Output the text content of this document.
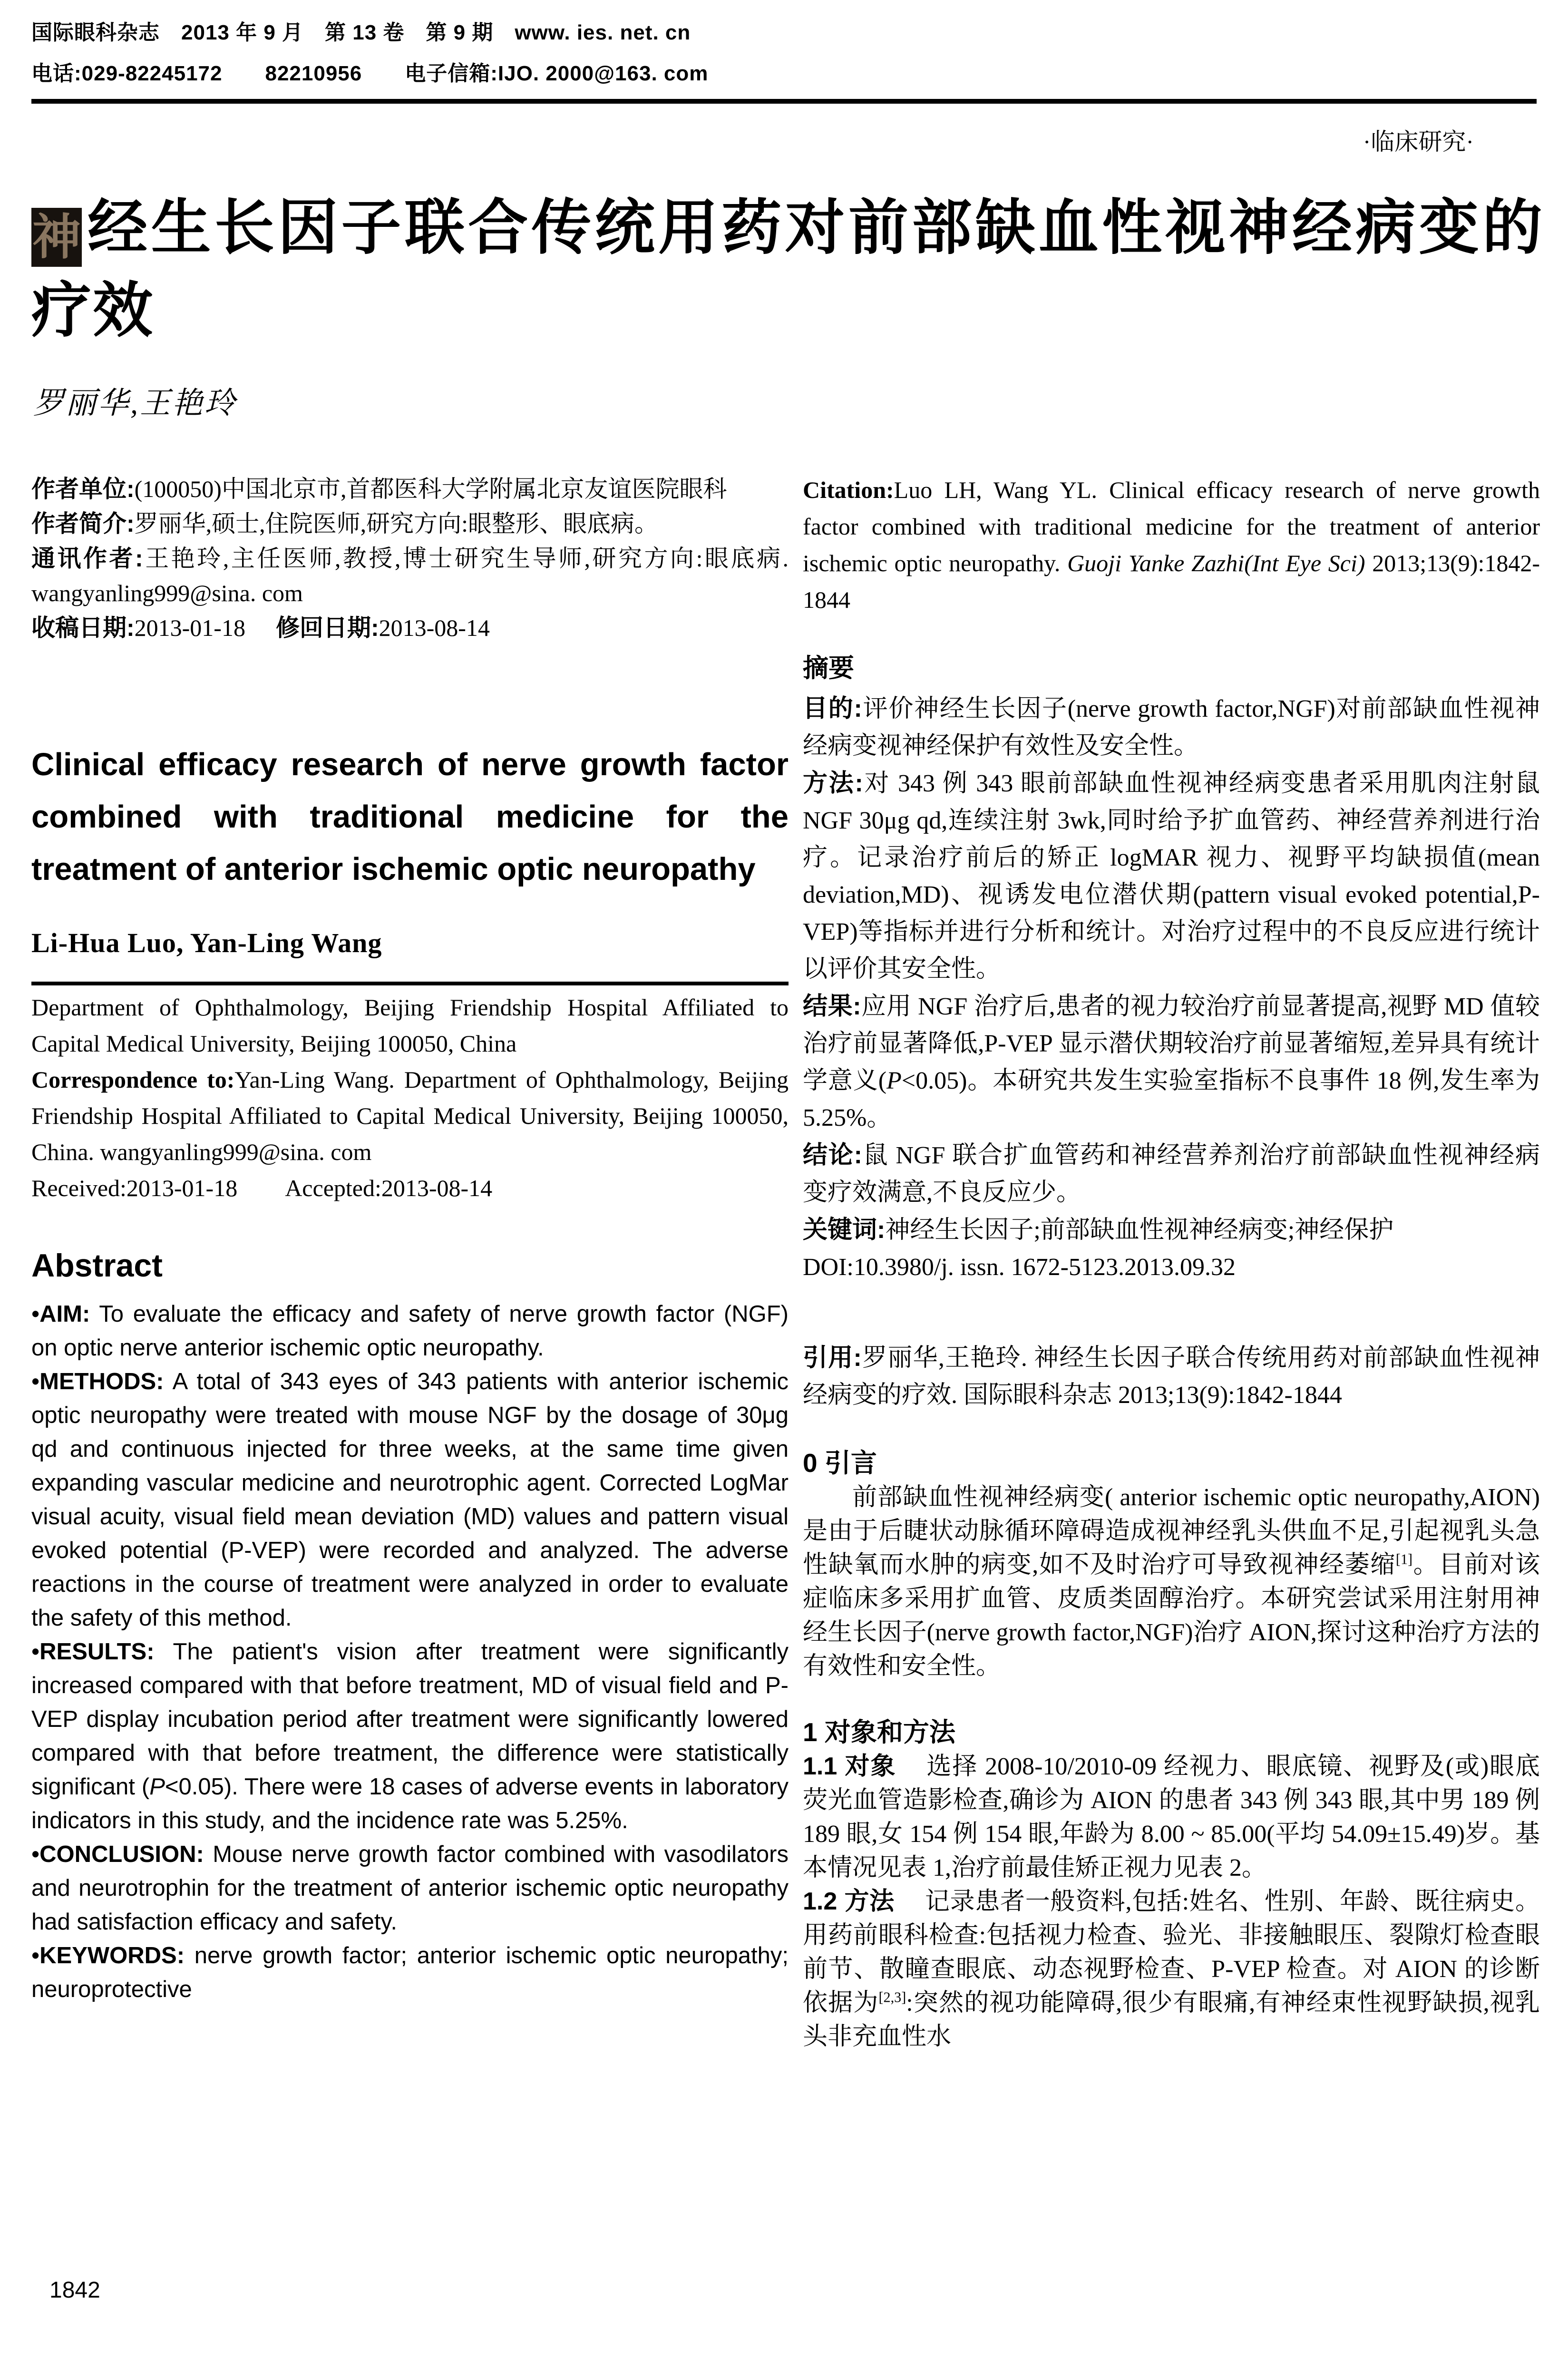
国际眼科杂志　2013 年 9 月　第 13 卷　第 9 期　www. ies. net. cn

电话:029-82245172　　82210956　　电子信箱:IJO. 2000@163. com

·临床研究·
神经生长因子联合传统用药对前部缺血性视神经病变的疗效
罗丽华,王艳玲

作者单位:(100050)中国北京市,首都医科大学附属北京友谊医院眼科

作者简介:罗丽华,硕士,住院医师,研究方向:眼整形、眼底病。

通讯作者:王艳玲,主任医师,教授,博士研究生导师,研究方向:眼底病. wangyanling999@sina. com

收稿日期:2013-01-18 修回日期:2013-08-14

Clinical efficacy research of nerve growth factor combined with traditional medicine for the treatment of anterior ischemic optic neuropathy
Li-Hua Luo, Yan-Ling Wang

Department of Ophthalmology, Beijing Friendship Hospital Affiliated to Capital Medical University, Beijing 100050, China

Correspondence to:Yan-Ling Wang. Department of Ophthalmology, Beijing Friendship Hospital Affiliated to Capital Medical University, Beijing 100050, China. wangyanling999@sina. com

Received:2013-01-18　　Accepted:2013-08-14

Abstract

•AIM: To evaluate the efficacy and safety of nerve growth factor (NGF) on optic nerve anterior ischemic optic neuropathy.

•METHODS: A total of 343 eyes of 343 patients with anterior ischemic optic neuropathy were treated with mouse NGF by the dosage of 30μg qd and continuous injected for three weeks, at the same time given expanding vascular medicine and neurotrophic agent. Corrected LogMar visual acuity, visual field mean deviation (MD) values and pattern visual evoked potential (P-VEP) were recorded and analyzed. The adverse reactions in the course of treatment were analyzed in order to evaluate the safety of this method.

•RESULTS: The patient's vision after treatment were significantly increased compared with that before treatment, MD of visual field and P-VEP display incubation period after treatment were significantly lowered compared with that before treatment, the difference were statistically significant (P<0.05). There were 18 cases of adverse events in laboratory indicators in this study, and the incidence rate was 5.25%.

•CONCLUSION: Mouse nerve growth factor combined with vasodilators and neurotrophin for the treatment of anterior ischemic optic neuropathy had satisfaction efficacy and safety.

•KEYWORDS: nerve growth factor; anterior ischemic optic neuropathy; neuroprotective

Citation:Luo LH, Wang YL. Clinical efficacy research of nerve growth factor combined with traditional medicine for the treatment of anterior ischemic optic neuropathy. Guoji Yanke Zazhi(Int Eye Sci) 2013;13(9):1842-1844

摘要

目的:评价神经生长因子(nerve growth factor,NGF)对前部缺血性视神经病变视神经保护有效性及安全性。

方法:对 343 例 343 眼前部缺血性视神经病变患者采用肌肉注射鼠 NGF 30μg qd,连续注射 3wk,同时给予扩血管药、神经营养剂进行治疗。记录治疗前后的矫正 logMAR 视力、视野平均缺损值(mean deviation,MD)、视诱发电位潜伏期(pattern visual evoked potential,P-VEP)等指标并进行分析和统计。对治疗过程中的不良反应进行统计以评价其安全性。

结果:应用 NGF 治疗后,患者的视力较治疗前显著提高,视野 MD 值较治疗前显著降低,P-VEP 显示潜伏期较治疗前显著缩短,差异具有统计学意义(P<0.05)。本研究共发生实验室指标不良事件 18 例,发生率为 5.25%。

结论:鼠 NGF 联合扩血管药和神经营养剂治疗前部缺血性视神经病变疗效满意,不良反应少。

关键词:神经生长因子;前部缺血性视神经病变;神经保护

DOI:10.3980/j. issn. 1672-5123.2013.09.32

引用:罗丽华,王艳玲. 神经生长因子联合传统用药对前部缺血性视神经病变的疗效. 国际眼科杂志 2013;13(9):1842-1844

0 引言

前部缺血性视神经病变( anterior ischemic optic neuropathy,AION)是由于后睫状动脉循环障碍造成视神经乳头供血不足,引起视乳头急性缺氧而水肿的病变,如不及时治疗可导致视神经萎缩[1]。目前对该症临床多采用扩血管、皮质类固醇治疗。本研究尝试采用注射用神经生长因子(nerve growth factor,NGF)治疗 AION,探讨这种治疗方法的有效性和安全性。

1 对象和方法

1.1 对象 选择 2008-10/2010-09 经视力、眼底镜、视野及(或)眼底荧光血管造影检查,确诊为 AION 的患者 343 例 343 眼,其中男 189 例 189 眼,女 154 例 154 眼,年龄为 8.00 ~ 85.00(平均 54.09±15.49)岁。基本情况见表 1,治疗前最佳矫正视力见表 2。

1.2 方法 记录患者一般资料,包括:姓名、性别、年龄、既往病史。用药前眼科检查:包括视力检查、验光、非接触眼压、裂隙灯检查眼前节、散瞳查眼底、动态视野检查、P-VEP 检查。对 AION 的诊断依据为[2,3]:突然的视功能障碍,很少有眼痛,有神经束性视野缺损,视乳头非充血性水

1842
